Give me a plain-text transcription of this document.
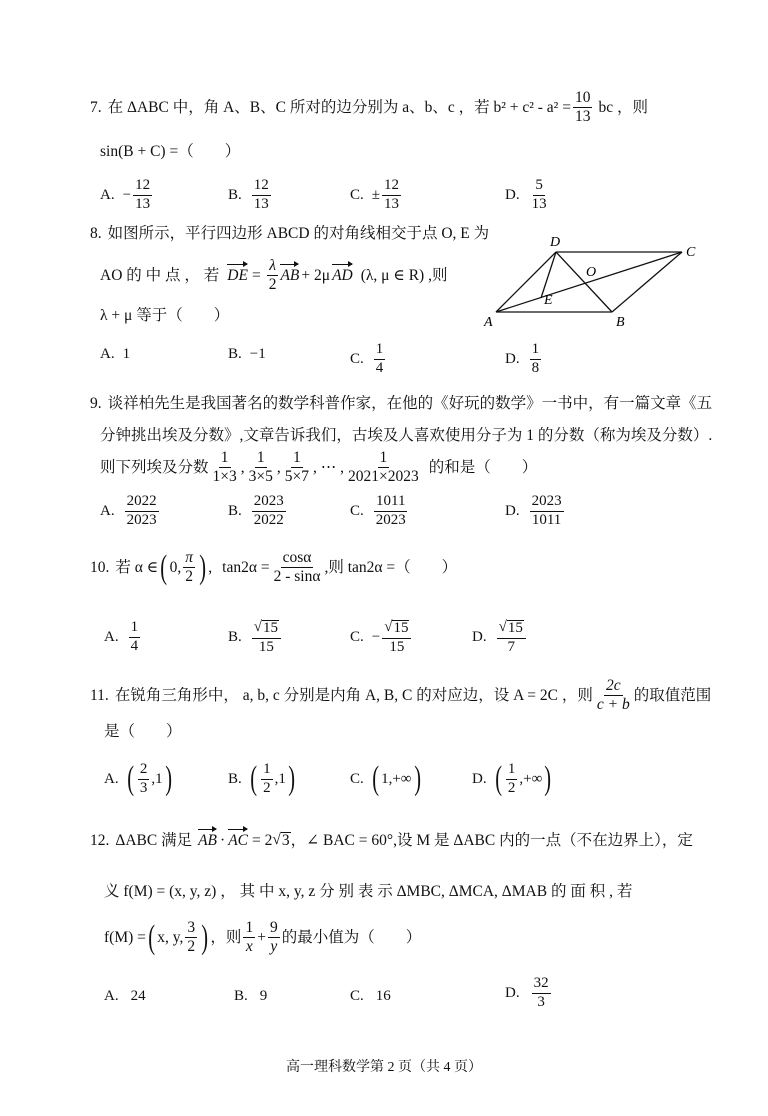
7. 在 ΔABC 中，角 A、B、C 所对的边分别为 a、b、c ，若 $b^2 + c^2 - a^2 = \frac{10}{13}$ bc ，则
sin(B + C) =（　　）
A. − $\frac{12}{13}$	B. $\frac{12}{13}$	C. ± $\frac{12}{13}$	D. $\frac{5}{13}$
8. 如图所示，平行四边形 ABCD 的对角线相交于点 O, E 为
AO 的 中 点 ， 若 DE = $\frac{\lambda}{2}$ AB + 2μ AD (λ, μ ∈ R) ,则
λ + μ 等于（　　）	A	B
C
D
O
E
A. 1	B. −1	C. $\frac{1}{4}$	D. $\frac{1}{8}$
9. 谈祥柏先生是我国著名的数学科普作家，在他的《好玩的数学》一书中，有一篇文章《五
分钟挑出埃及分数》,文章告诉我们，古埃及人喜欢使用分子为 1 的分数（称为埃及分数）.
则下列埃及分数 $\frac{1}{1\times 3}$ , $\frac{1}{3\times 5}$ , $\frac{1}{5\times 7}$ , ⋯ , $\frac{1}{2021\times 2023}$ 的和是（　　）
A. $\frac{2022}{2023}$	B. $\frac{2023}{2022}$	C. $\frac{1011}{2023}$	D. $\frac{2023}{1011}$
10. 若 α ∈ ( 0, $\frac{\pi}{2}$ ) , $\tan 2\alpha = \frac{\cos\alpha}{2 - \sin\alpha}$ ,则 tan2α =（　　）
A. $\frac{1}{4}$	B. $\frac{√ 15}{15}$	C. − $\frac{√ 15}{15}$	D. $\frac{√ 15}{7}$
11. 在锐角三角形中， a, b, c 分别是内角 A, B, C 的对应边，设 A = 2C ，则 $\frac{2c}{c + b}$ 的取值范围
是（　　）
A. ( $\frac{2}{3} ,1$ )	B. ( $\frac{1}{2} ,1$ )	C. ( 1,+∞ )	D. ( $\frac{1}{2}$ ,+∞ )
12. ΔABC 满足 AB · AC = 2 √ 3 ，∠ BAC = 60°,设 M 是 ΔABC 内的一点（不在边界上），定
义 f(M) = (x, y, z) ， 其 中 x, y, z 分 别 表 示 ΔMBC, ΔMCA, ΔMAB 的 面 积 , 若
f(M) = ( x, y, $\frac{3}{2}$ ) ，则 $\frac{1}{x} + \frac{9}{y}$ 的最小值为（　　）
A. 24	B. 9	C. 16	D. $\frac{32}{3}$
高一理科数学第 2 页（共 4 页）
